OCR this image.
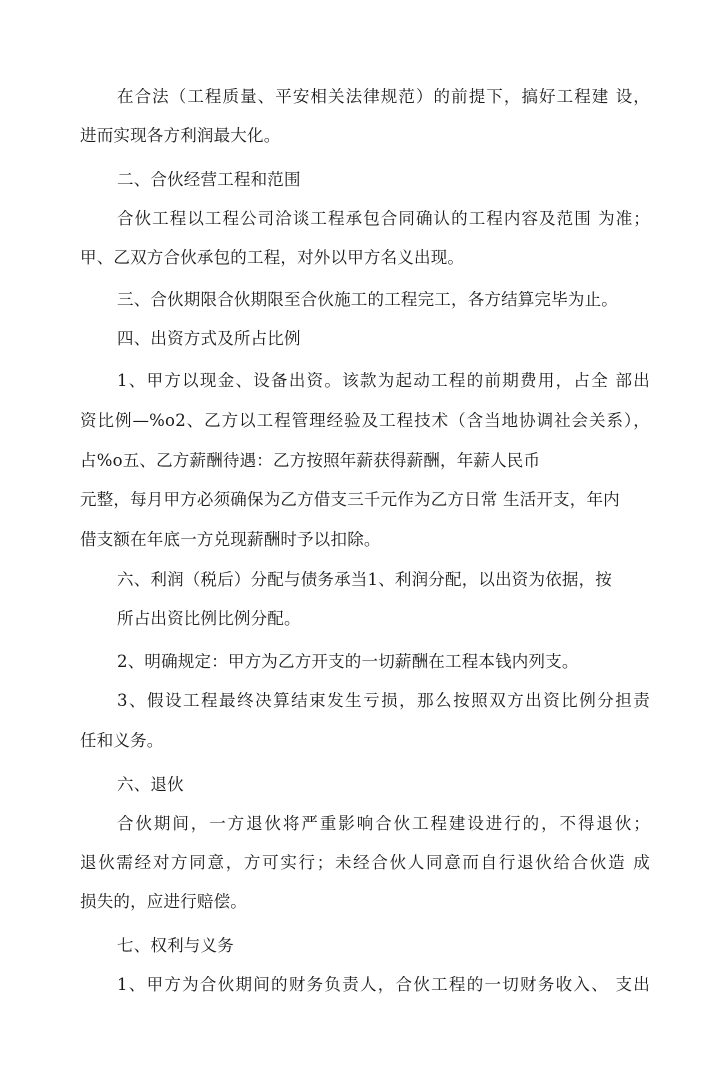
在合法（工程质量、平安相关法律规范）的前提下，搞好工程建 设，
进而实现各方利润最大化。
二、合伙经营工程和范围
合伙工程以工程公司洽谈工程承包合同确认的工程内容及范围 为准；
甲、乙双方合伙承包的工程，对外以甲方名义出现。
三、合伙期限合伙期限至合伙施工的工程完工，各方结算完毕为止。
四、出资方式及所占比例
1、甲方以现金、设备出资。该款为起动工程的前期费用，占全 部出
资比例—%o2、乙方以工程管理经验及工程技术（含当地协调社会关系），
占%o五、乙方薪酬待遇：乙方按照年薪获得薪酬，年薪人民币
元整，每月甲方必须确保为乙方借支三千元作为乙方日常 生活开支，年内
借支额在年底一方兑现薪酬时予以扣除。
六、利润（税后）分配与债务承当1、利润分配，以出资为依据，按
所占出资比例比例分配。
2、明确规定：甲方为乙方开支的一切薪酬在工程本钱内列支。
3、假设工程最终决算结束发生亏损，那么按照双方出资比例分担责
任和义务。
六、退伙
合伙期间，一方退伙将严重影响合伙工程建设进行的，不得退伙；
退伙需经对方同意，方可实行；未经合伙人同意而自行退伙给合伙造 成
损失的，应进行赔偿。
七、权利与义务
1、甲方为合伙期间的财务负责人，合伙工程的一切财务收入、 支出
